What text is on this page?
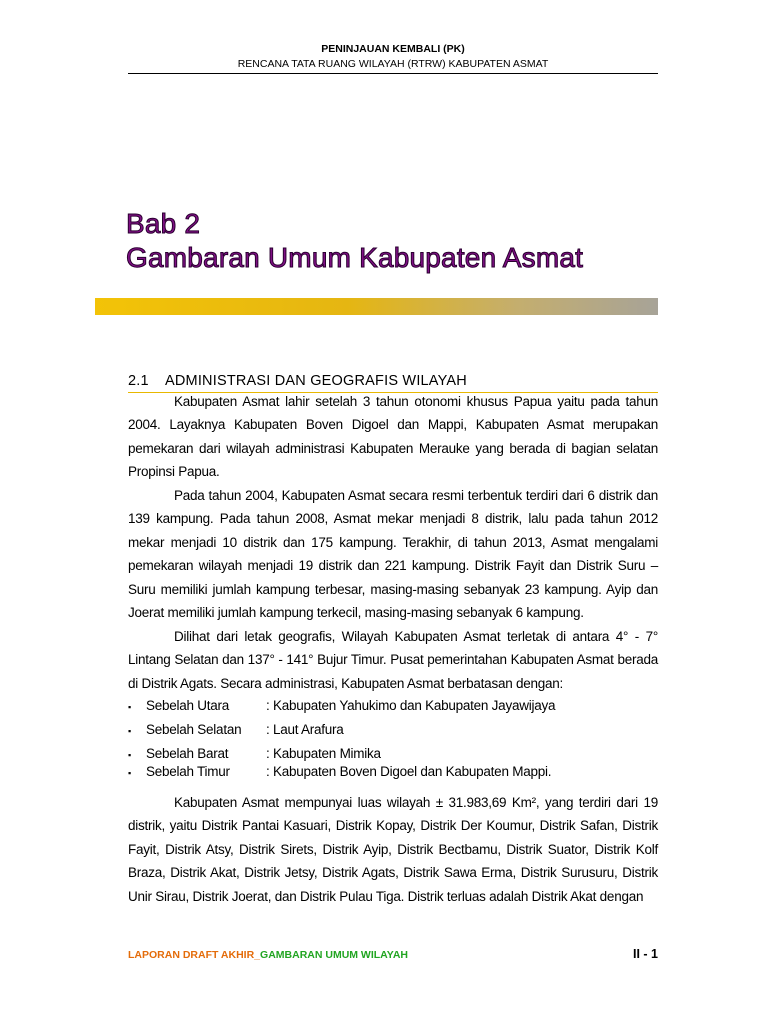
PENINJAUAN KEMBALI (PK)
RENCANA TATA RUANG WILAYAH (RTRW) KABUPATEN ASMAT
Bab 2
Gambaran Umum Kabupaten Asmat
2.1 ADMINISTRASI DAN GEOGRAFIS WILAYAH

Kabupaten Asmat lahir setelah 3 tahun otonomi khusus Papua yaitu pada tahun 2004. Layaknya Kabupaten Boven Digoel dan Mappi, Kabupaten Asmat merupakan pemekaran dari wilayah administrasi Kabupaten Merauke yang berada di bagian selatan Propinsi Papua.

Pada tahun 2004, Kabupaten Asmat secara resmi terbentuk terdiri dari 6 distrik dan 139 kampung. Pada tahun 2008, Asmat mekar menjadi 8 distrik, lalu pada tahun 2012 mekar menjadi 10 distrik dan 175 kampung. Terakhir, di tahun 2013, Asmat mengalami pemekaran wilayah menjadi 19 distrik dan 221 kampung. Distrik Fayit dan Distrik Suru – Suru memiliki jumlah kampung terbesar, masing-masing sebanyak 23 kampung. Ayip dan Joerat memiliki jumlah kampung terkecil, masing-masing sebanyak 6 kampung.

Dilihat dari letak geografis, Wilayah Kabupaten Asmat terletak di antara 4° - 7° Lintang Selatan dan 137° - 141° Bujur Timur. Pusat pemerintahan Kabupaten Asmat berada di Distrik Agats. Secara administrasi, Kabupaten Asmat berbatasan dengan:

▪ Sebelah Utara	: Kabupaten Yahukimo dan Kabupaten Jayawijaya
▪ Sebelah Selatan : Laut Arafura
▪ Sebelah Barat	: Kabupaten Mimika
▪ Sebelah Timur	: Kabupaten Boven Digoel dan Kabupaten Mappi.

Kabupaten Asmat mempunyai luas wilayah ± 31.983,69 Km², yang terdiri dari 19 distrik, yaitu Distrik Pantai Kasuari, Distrik Kopay, Distrik Der Koumur, Distrik Safan, Distrik Fayit, Distrik Atsy, Distrik Sirets, Distrik Ayip, Distrik Bectbamu, Distrik Suator, Distrik Kolf Braza, Distrik Akat, Distrik Jetsy, Distrik Agats, Distrik Sawa Erma, Distrik Surusuru, Distrik Unir Sirau, Distrik Joerat, dan Distrik Pulau Tiga. Distrik terluas adalah Distrik Akat dengan

LAPORAN DRAFT AKHIR_GAMBARAN UMUM WILAYAH	II - 1
